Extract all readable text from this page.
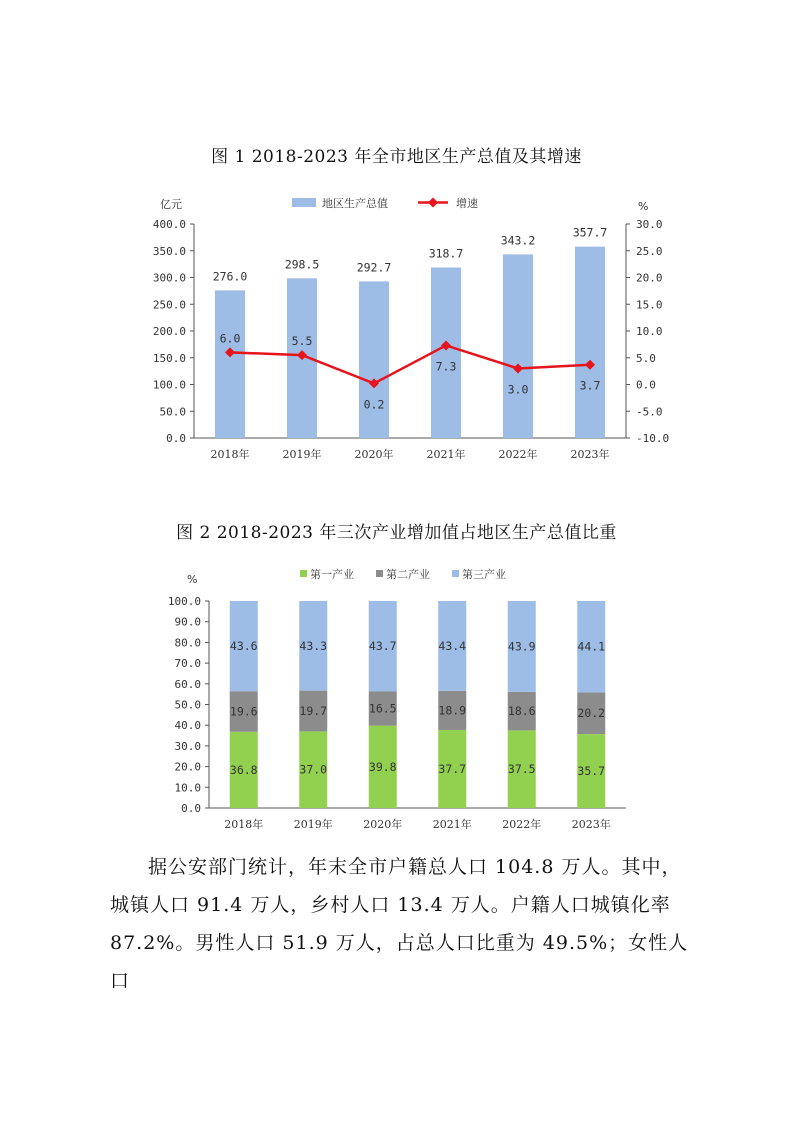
图 1 2018-2023 年全市地区生产总值及其增速
0.0
50.0
100.0
150.0
200.0
250.0
300.0
350.0
400.0
-10.0
-5.0
0.0
5.0
10.0
15.0
20.0
25.0
30.0
亿元	%
2018年	2019年	2020年	2021年	2022年	2023年
276.0
298.5	292.7
318.7
343.2
357.7
6.0	5.5
0.2
7.3
3.0	3.7
地区生产总值	增速
图 2 2018-2023 年三次产业增加值占地区生产总值比重
0.0
10.0
20.0
30.0
40.0
50.0
60.0
70.0
80.0
90.0
100.0
%
2018年	2019年	2020年	2021年	2022年	2023年
36.8
19.6
43.6
37.0
19.7
43.3
39.8
16.5
43.7
37.7
18.9
43.4
37.5
18.6
43.9
35.7
20.2
44.1
第一产业	第二产业	第三产业

据公安部门统计，年末全市户籍总人口 104.8 万人。其中，

城镇人口 91.4 万人，乡村人口 13.4 万人。户籍人口城镇化率

87.2%。男性人口 51.9 万人，占总人口比重为 49.5%；女性人口
